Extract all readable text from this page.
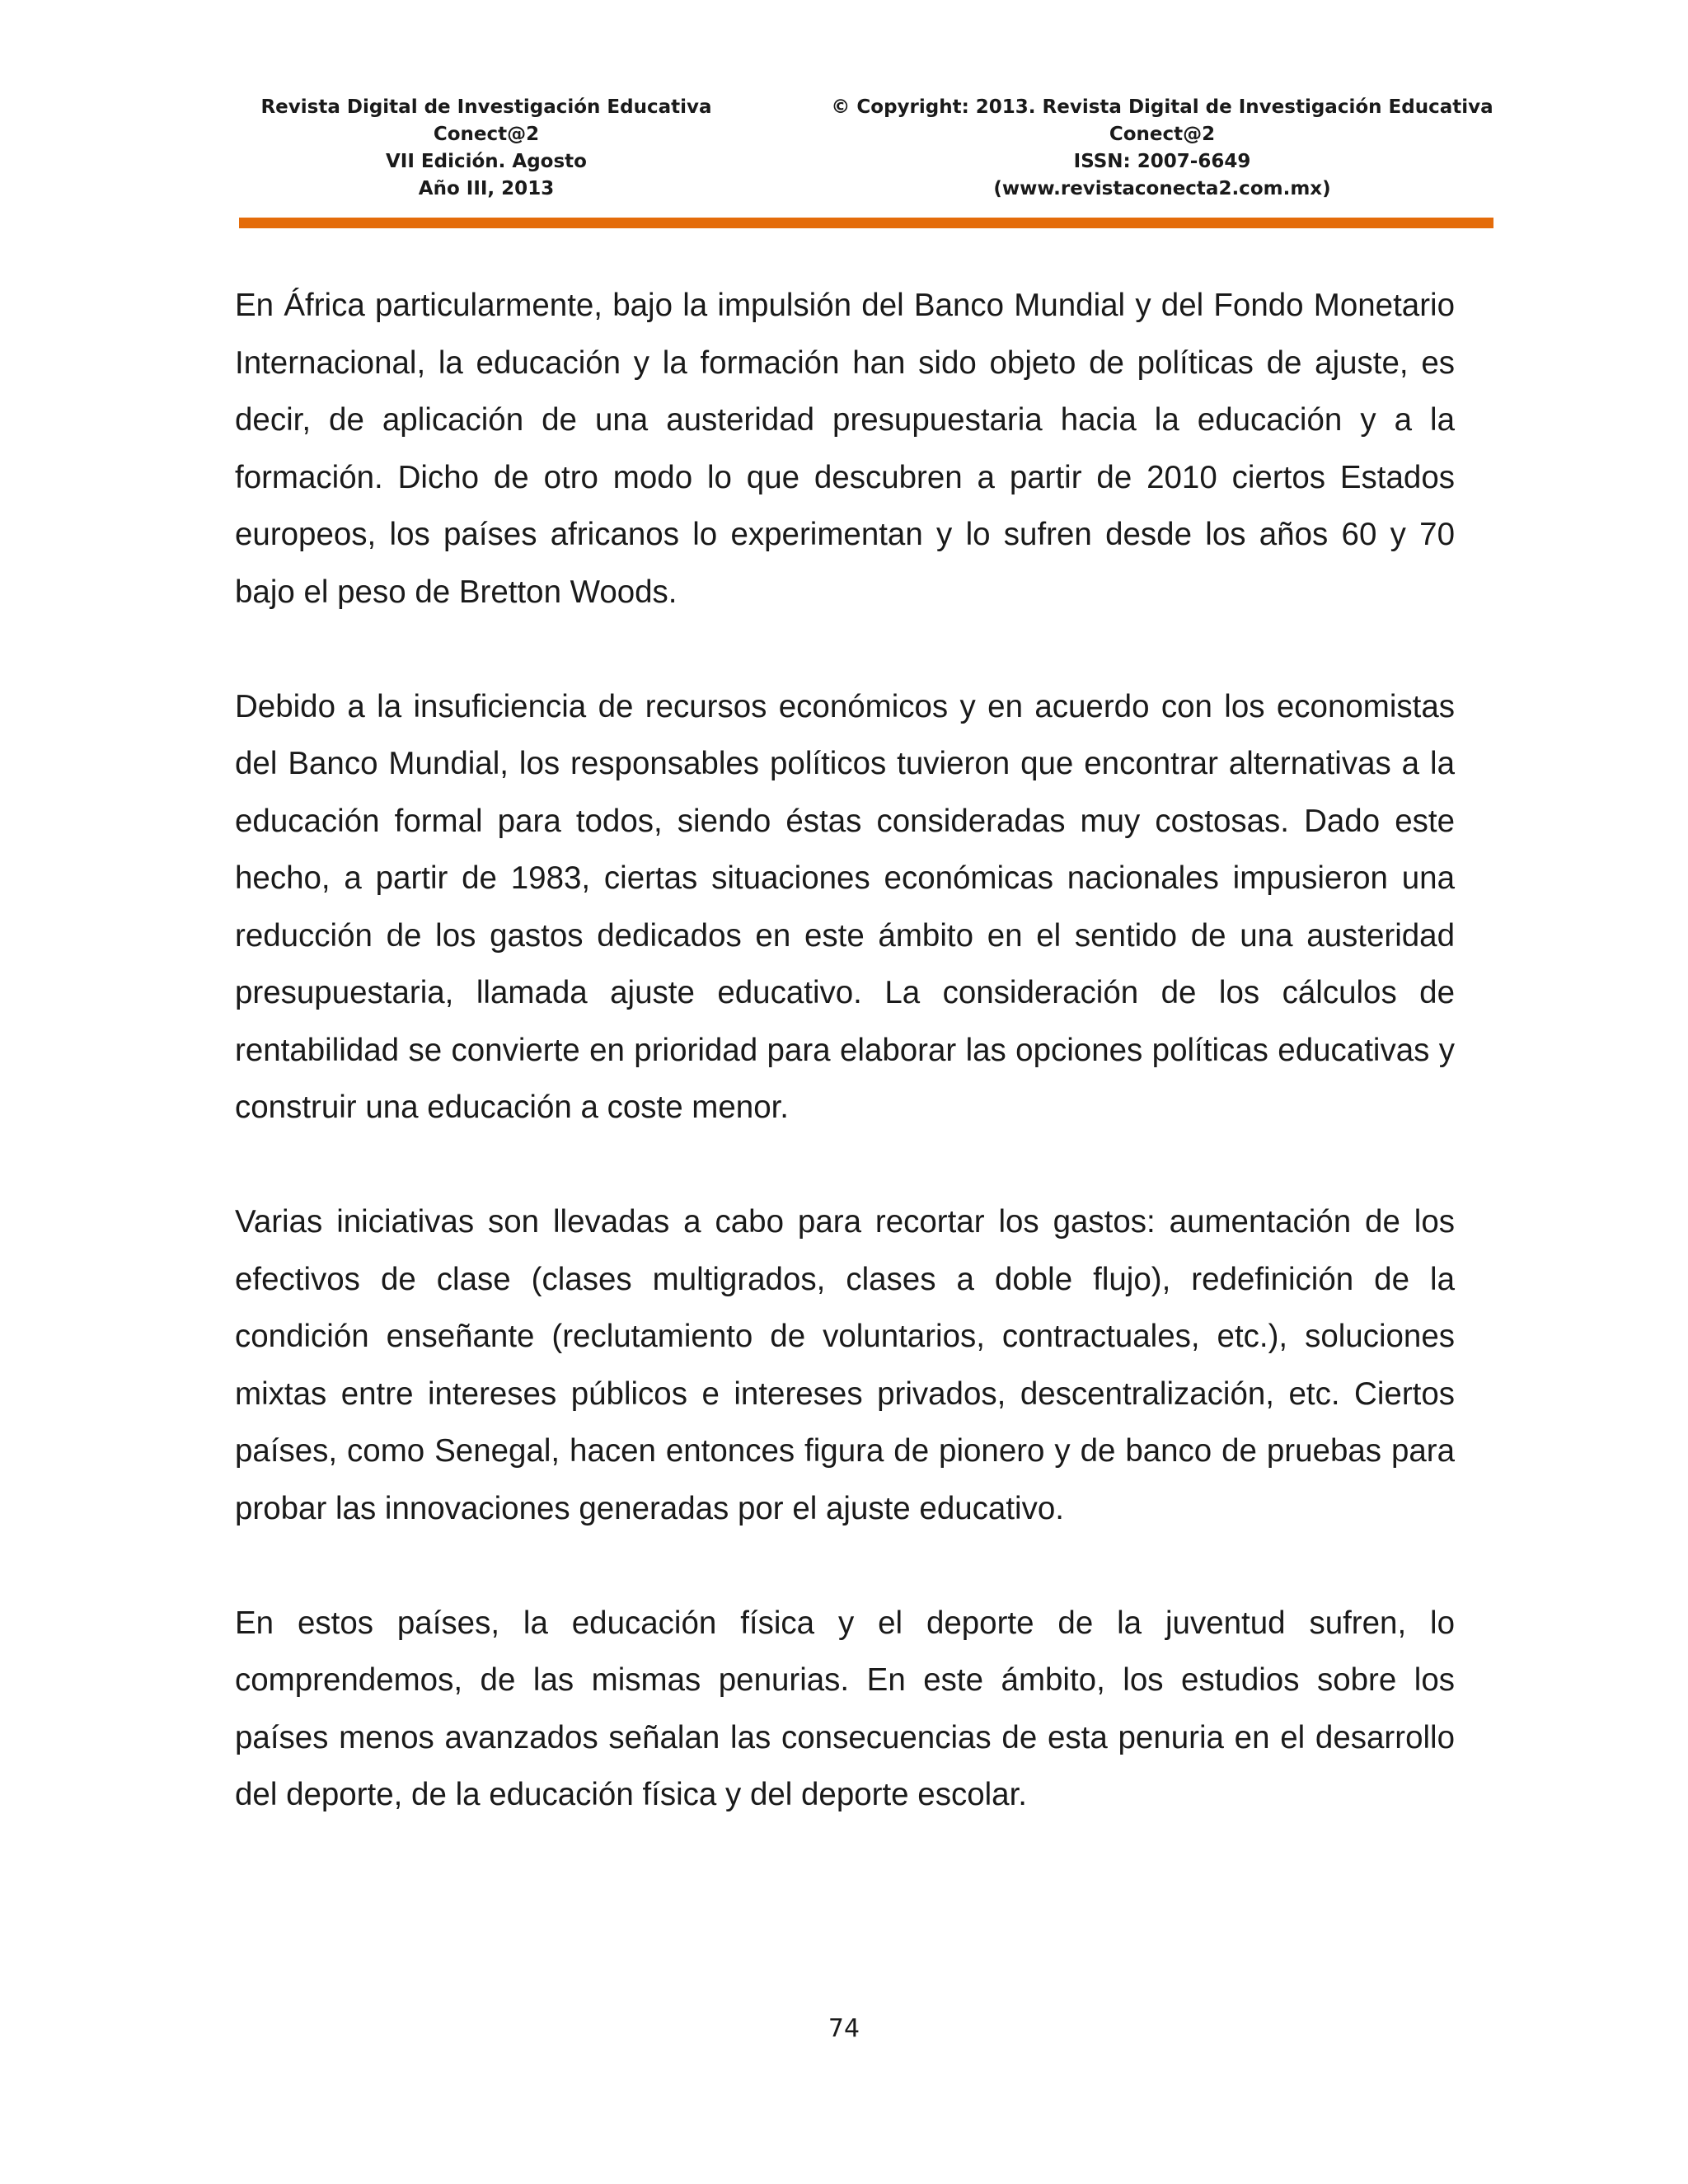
Revista Digital de Investigación Educativa
Conect@2
VII Edición. Agosto
Año III, 2013
© Copyright: 2013. Revista Digital de Investigación Educativa
Conect@2
ISSN: 2007-6649
(www.revistaconecta2.com.mx)

En África particularmente, bajo la impulsión del Banco Mundial y del Fondo Monetario Internacional, la educación y la formación han sido objeto de políticas de ajuste, es decir, de aplicación de una austeridad presupuestaria hacia la educación y a la formación. Dicho de otro modo lo que descubren a partir de 2010 ciertos Estados europeos, los países africanos lo experimentan y lo sufren desde los años 60 y 70 bajo el peso de Bretton Woods.

Debido a la insuficiencia de recursos económicos y en acuerdo con los economistas del Banco Mundial, los responsables políticos tuvieron que encontrar alternativas a la educación formal para todos, siendo éstas consideradas muy costosas. Dado este hecho, a partir de 1983, ciertas situaciones económicas nacionales impusieron una reducción de los gastos dedicados en este ámbito en el sentido de una austeridad presupuestaria, llamada ajuste educativo. La consideración de los cálculos de rentabilidad se convierte en prioridad para elaborar las opciones políticas educativas y construir una educación a coste menor.

Varias iniciativas son llevadas a cabo para recortar los gastos: aumentación de los efectivos de clase (clases multigrados, clases a doble flujo), redefinición de la condición enseñante (reclutamiento de voluntarios, contractuales, etc.), soluciones mixtas entre intereses públicos e intereses privados, descentralización, etc. Ciertos países, como Senegal, hacen entonces figura de pionero y de banco de pruebas para probar las innovaciones generadas por el ajuste educativo.

En estos países, la educación física y el deporte de la juventud sufren, lo comprendemos, de las mismas penurias. En este ámbito, los estudios sobre los países menos avanzados señalan las consecuencias de esta penuria en el desarrollo del deporte, de la educación física y del deporte escolar.

74
